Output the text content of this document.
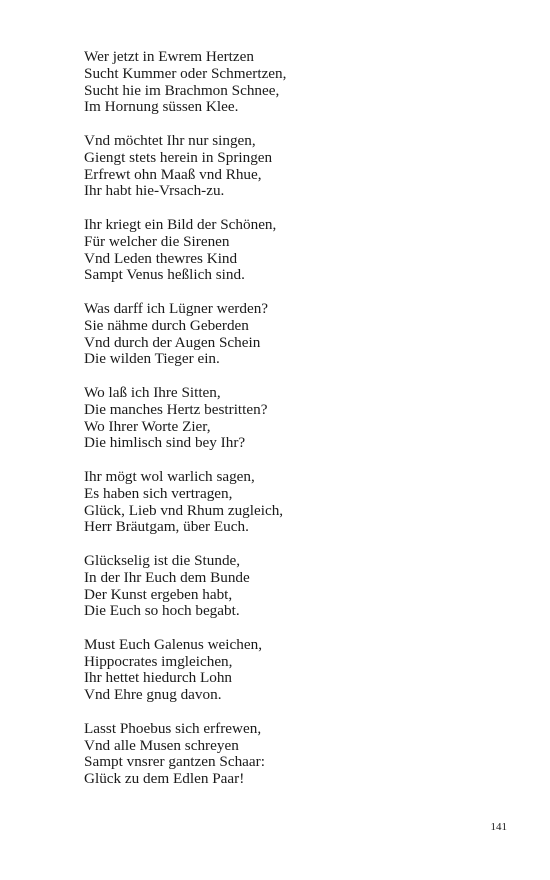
Wer jetzt in Ewrem Hertzen
Sucht Kummer oder Schmertzen,
Sucht hie im Brachmon Schnee,
Im Hornung süssen Klee.
Vnd möchtet Ihr nur singen,
Giengt stets herein in Springen
Erfrewt ohn Maaß vnd Rhue,
Ihr habt hie-Vrsach-zu.
Ihr kriegt ein Bild der Schönen,
Für welcher die Sirenen
Vnd Leden thewres Kind
Sampt Venus heßlich sind.
Was darff ich Lügner werden?
Sie nähme durch Geberden
Vnd durch der Augen Schein
Die wilden Tieger ein.
Wo laß ich Ihre Sitten,
Die manches Hertz bestritten?
Wo Ihrer Worte Zier,
Die himlisch sind bey Ihr?
Ihr mögt wol warlich sagen,
Es haben sich vertragen,
Glück, Lieb vnd Rhum zugleich,
Herr Bräutgam, über Euch.
Glückselig ist die Stunde,
In der Ihr Euch dem Bunde
Der Kunst ergeben habt,
Die Euch so hoch begabt.
Must Euch Galenus weichen,
Hippocrates imgleichen,
Ihr hettet hiedurch Lohn
Vnd Ehre gnug davon.
Lasst Phoebus sich erfrewen,
Vnd alle Musen schreyen
Sampt vnsrer gantzen Schaar:
Glück zu dem Edlen Paar!
141
